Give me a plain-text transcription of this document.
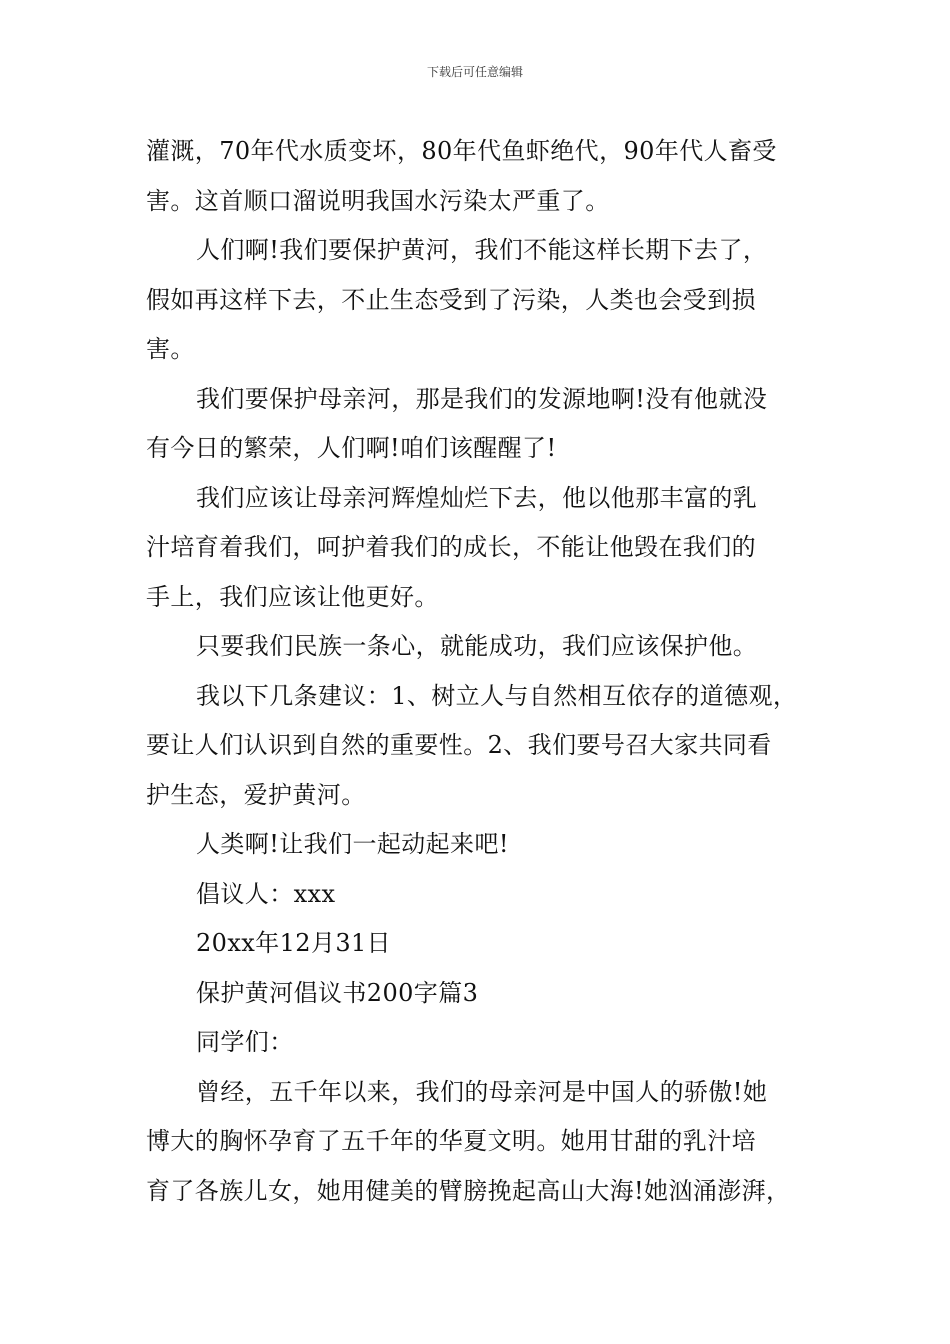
下载后可任意编辑
灌溉，70年代水质变坏，80年代鱼虾绝代，90年代人畜受
害。这首顺口溜说明我国水污染太严重了。
人们啊!我们要保护黄河，我们不能这样长期下去了，
假如再这样下去，不止生态受到了污染，人类也会受到损
害。
我们要保护母亲河，那是我们的发源地啊!没有他就没
有今日的繁荣，人们啊!咱们该醒醒了!
我们应该让母亲河辉煌灿烂下去，他以他那丰富的乳
汁培育着我们，呵护着我们的成长，不能让他毁在我们的
手上，我们应该让他更好。
只要我们民族一条心，就能成功，我们应该保护他。
我以下几条建议：1、树立人与自然相互依存的道德观，
要让人们认识到自然的重要性。2、我们要号召大家共同看
护生态，爱护黄河。
人类啊!让我们一起动起来吧!
倡议人：xxx
20xx年12月31日
保护黄河倡议书200字篇3
同学们：
曾经，五千年以来，我们的母亲河是中国人的骄傲!她
博大的胸怀孕育了五千年的华夏文明。她用甘甜的乳汁培
育了各族儿女，她用健美的臂膀挽起高山大海!她汹涌澎湃，
